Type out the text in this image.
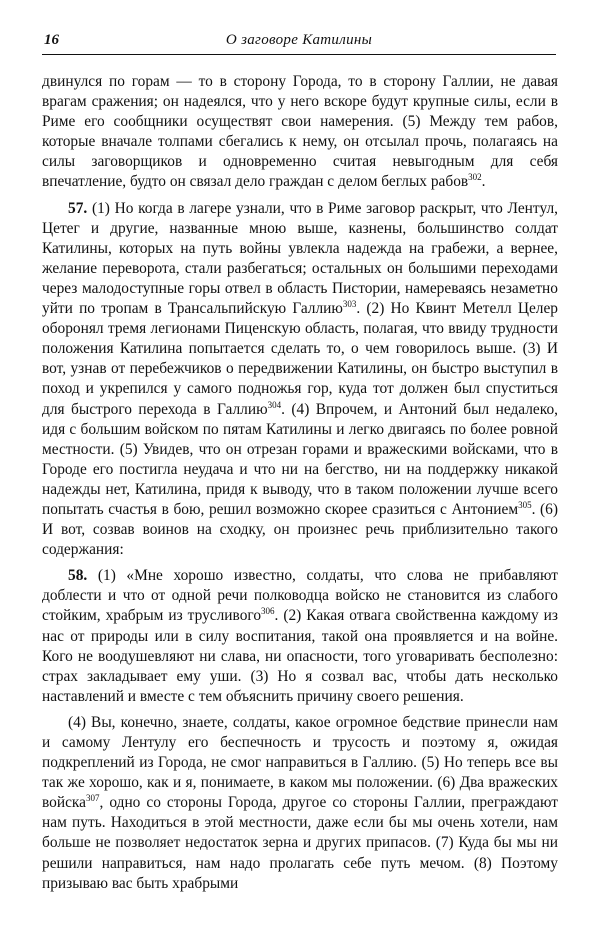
16	О заговоре Катилины

двинулся по горам — то в сторону Города, то в сторону Галлии, не давая врагам сражения; он надеялся, что у него вскоре будут крупные силы, если в Риме его сообщники осуществят свои намерения. (5) Между тем рабов, которые вначале толпами сбегались к нему, он отсылал прочь, полагаясь на силы заговорщиков и одновременно считая невыгодным для себя впечатление, будто он связал дело граждан с делом беглых рабов$^{302}$.

57. (1) Но когда в лагере узнали, что в Риме заговор раскрыт, что Лентул, Цетег и другие, названные мною выше, казнены, большинство солдат Катилины, которых на путь войны увлекла надежда на грабежи, а вернее, желание переворота, стали разбегаться; остальных он большими переходами через малодоступные горы отвел в область Пистории, намереваясь незаметно уйти по тропам в Трансальпийскую Галлию$^{303}$. (2) Но Квинт Метелл Целер оборонял тремя легионами Пиценскую область, полагая, что ввиду трудности положения Катилина попытается сделать то, о чем говорилось выше. (3) И вот, узнав от перебежчиков о передвижении Катилины, он быстро выступил в поход и укрепился у самого подножья гор, куда тот должен был спуститься для быстрого перехода в Галлию$^{304}$. (4) Впрочем, и Антоний был недалеко, идя с большим войском по пятам Катилины и легко двигаясь по более ровной местности. (5) Увидев, что он отрезан горами и вражескими войсками, что в Городе его постигла неудача и что ни на бегство, ни на поддержку никакой надежды нет, Катилина, придя к выводу, что в таком положении лучше всего попытать счастья в бою, решил возможно скорее сразиться с Антонием$^{305}$. (6) И вот, созвав воинов на сходку, он произнес речь приблизительно такого содержания:

58. (1) «Мне хорошо известно, солдаты, что слова не прибавляют доблести и что от одной речи полководца войско не становится из слабого стойким, храбрым из трусливого$^{306}$. (2) Какая отвага свойственна каждому из нас от природы или в силу воспитания, такой она проявляется и на войне. Кого не воодушевляют ни слава, ни опасности, того уговаривать бесполезно: страх закладывает ему уши. (3) Но я созвал вас, чтобы дать несколько наставлений и вместе с тем объяснить причину своего решения.

(4) Вы, конечно, знаете, солдаты, какое огромное бедствие принесли нам и самому Лентулу его беспечность и трусость и поэтому я, ожидая подкреплений из Города, не смог направиться в Галлию. (5) Но теперь все вы так же хорошо, как и я, понимаете, в каком мы положении. (6) Два вражеских войска$^{307}$, одно со стороны Города, другое со стороны Галлии, преграждают нам путь. Находиться в этой местности, даже если бы мы очень хотели, нам больше не позволяет недостаток зерна и других припасов. (7) Куда бы мы ни решили направиться, нам надо пролагать себе путь мечом. (8) Поэтому призываю вас быть храбрыми
